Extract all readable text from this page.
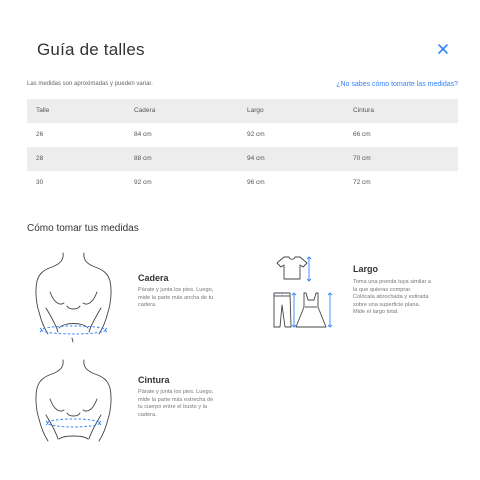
Guía de talles
Las medidas son aproximadas y pueden variar.	¿No sabes cómo tomarte las medidas?
Talle	Cadera	Largo	Cintura
26	84 cm	92 cm	66 cm
28	88 cm	94 cm	70 cm
30	92 cm	96 cm	72 cm
Cómo tomar tus medidas
Cadera
Párate y junta los pies. Luego,
mide la parte más ancha de tu
cadera.
Largo
Toma una prenda tuya similar a
la que quieras comprar.
Colócala abrochada y estirada
sobre una superficie plana.
Mide el largo total.
Cintura
Párate y junta los pies. Luego,
mide la parte más estrecha de
tu cuerpo entre el busto y la
cadera.
